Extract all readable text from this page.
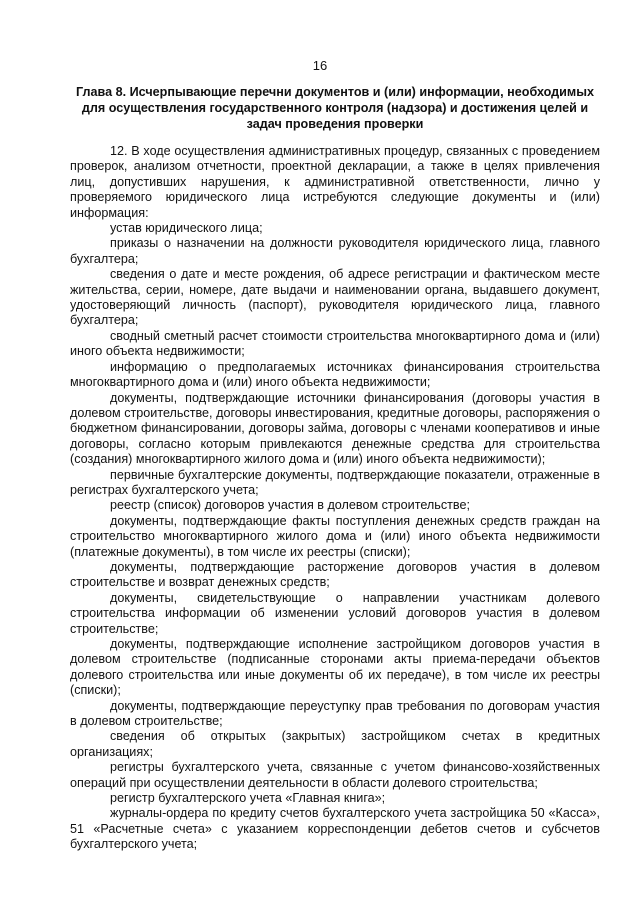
16
Глава 8. Исчерпывающие перечни документов и (или) информации, необходимых для осуществления государственного контроля (надзора) и достижения целей и задач проведения проверки

12. В ходе осуществления административных процедур, связанных с проведением проверок, анализом отчетности, проектной декларации, а также в целях привлечения лиц, допустивших нарушения, к административной ответственности, лично у проверяемого юридического лица истребуются следующие документы и (или) информация:

устав юридического лица;

приказы о назначении на должности руководителя юридического лица, главного бухгалтера;

сведения о дате и месте рождения, об адресе регистрации и фактическом месте жительства, серии, номере, дате выдачи и наименовании органа, выдавшего документ, удостоверяющий личность (паспорт), руководителя юридического лица, главного бухгалтера;

сводный сметный расчет стоимости строительства многоквартирного дома и (или) иного объекта недвижимости;

информацию о предполагаемых источниках финансирования строительства многоквартирного дома и (или) иного объекта недвижимости;

документы, подтверждающие источники финансирования (договоры участия в долевом строительстве, договоры инвестирования, кредитные договоры, распоряжения о бюджетном финансировании, договоры займа, договоры с членами кооперативов и иные договоры, согласно которым привлекаются денежные средства для строительства (создания) многоквартирного жилого дома и (или) иного объекта недвижимости);

первичные бухгалтерские документы, подтверждающие показатели, отраженные в регистрах бухгалтерского учета;

реестр (список) договоров участия в долевом строительстве;

документы, подтверждающие факты поступления денежных средств граждан на строительство многоквартирного жилого дома и (или) иного объекта недвижимости (платежные документы), в том числе их реестры (списки);

документы, подтверждающие расторжение договоров участия в долевом строительстве и возврат денежных средств;

документы, свидетельствующие о направлении участникам долевого строительства информации об изменении условий договоров участия в долевом строительстве;

документы, подтверждающие исполнение застройщиком договоров участия в долевом строительстве (подписанные сторонами акты приема-передачи объектов долевого строительства или иные документы об их передаче), в том числе их реестры (списки);

документы, подтверждающие переуступку прав требования по договорам участия в долевом строительстве;

сведения об открытых (закрытых) застройщиком счетах в кредитных организациях;

регистры бухгалтерского учета, связанные с учетом финансово-хозяйственных операций при осуществлении деятельности в области долевого строительства;

регистр бухгалтерского учета «Главная книга»;

журналы-ордера по кредиту счетов бухгалтерского учета застройщика 50 «Касса», 51 «Расчетные счета» с указанием корреспонденции дебетов счетов и субсчетов бухгалтерского учета;
